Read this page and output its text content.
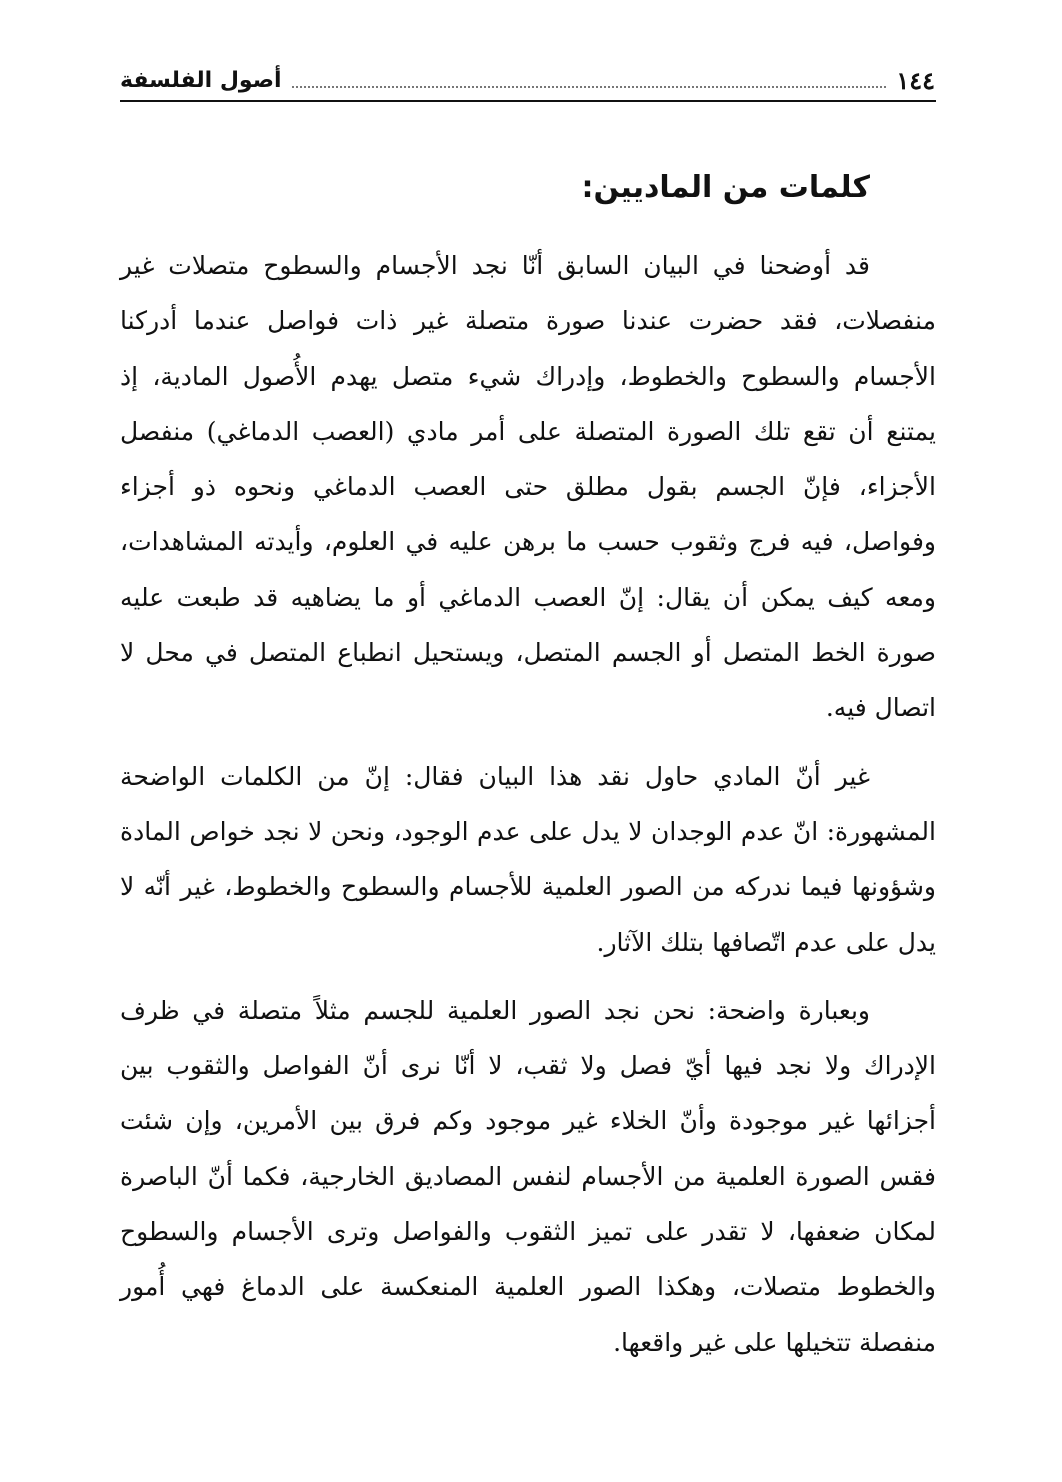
١٤٤
أصول الفلسفة
كلمات من الماديين:

قد أوضحنا في البيان السابق أنّا نجد الأجسام والسطوح متصلات غير منفصلات، فقد حضرت عندنا صورة متصلة غير ذات فواصل عندما أدركنا الأجسام والسطوح والخطوط، وإدراك شيء متصل يهدم الأُصول المادية، إذ يمتنع أن تقع تلك الصورة المتصلة على أمر مادي (العصب الدماغي) منفصل الأجزاء، فإنّ الجسم بقول مطلق حتى العصب الدماغي ونحوه ذو أجزاء وفواصل، فيه فرج وثقوب حسب ما برهن عليه في العلوم، وأيدته المشاهدات، ومعه كيف يمكن أن يقال: إنّ العصب الدماغي أو ما يضاهيه قد طبعت عليه صورة الخط المتصل أو الجسم المتصل، ويستحيل انطباع المتصل في محل لا اتصال فيه.

غير أنّ المادي حاول نقد هذا البيان فقال: إنّ من الكلمات الواضحة المشهورة: انّ عدم الوجدان لا يدل على عدم الوجود، ونحن لا نجد خواص المادة وشؤونها فيما ندركه من الصور العلمية للأجسام والسطوح والخطوط، غير أنّه لا يدل على عدم اتّصافها بتلك الآثار.

وبعبارة واضحة: نحن نجد الصور العلمية للجسم مثلاً متصلة في ظرف الإدراك ولا نجد فيها أيّ فصل ولا ثقب، لا أنّا نرى أنّ الفواصل والثقوب بين أجزائها غير موجودة وأنّ الخلاء غير موجود وكم فرق بين الأمرين، وإن شئت فقس الصورة العلمية من الأجسام لنفس المصاديق الخارجية، فكما أنّ الباصرة لمكان ضعفها، لا تقدر على تميز الثقوب والفواصل وترى الأجسام والسطوح والخطوط متصلات، وهكذا الصور العلمية المنعكسة على الدماغ فهي أُمور منفصلة تتخيلها على غير واقعها.
